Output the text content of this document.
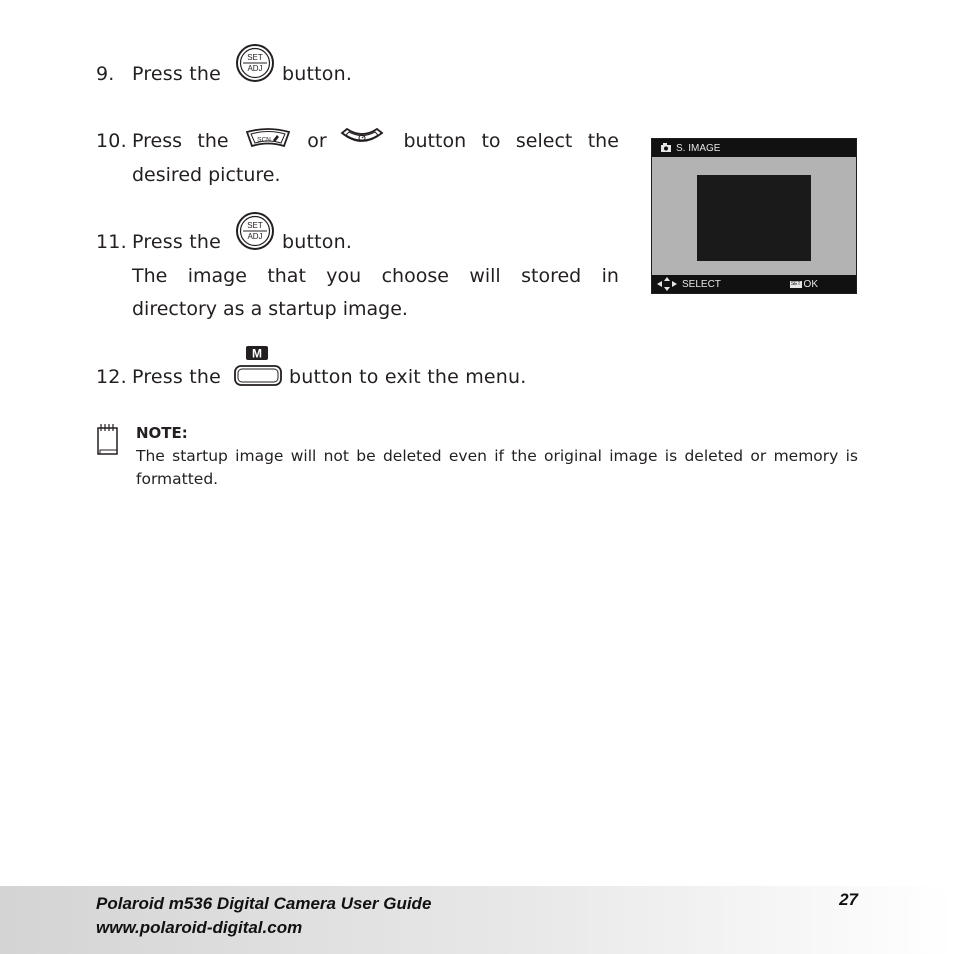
9. Press the
SET
ADJ button.
10. Press the	or	button to select the
SCN
desired picture.
11. Press the
SET
ADJ button.
The image that you choose will stored in
directory as a startup image.
S. IMAGE
SELECT	SET OK
12. Press the
M
button to exit the menu.
NOTE:
The startup image will not be deleted even if the original image is deleted or memory is formatted.
Polaroid m536 Digital Camera User Guide
www.polaroid-digital.com
27
